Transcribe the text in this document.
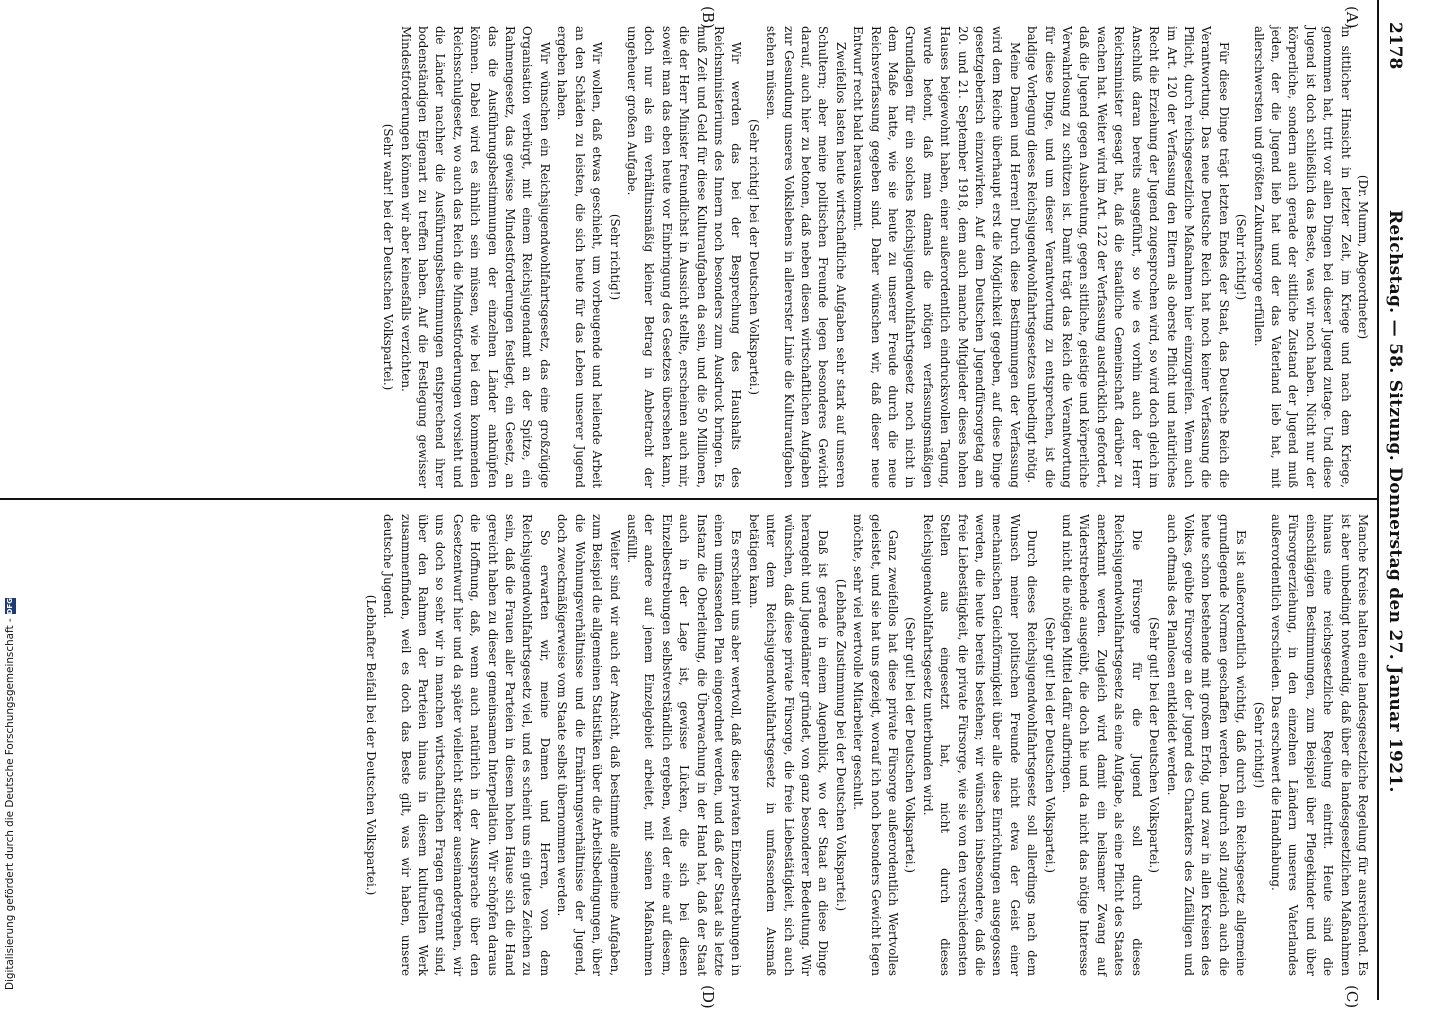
2178
Reichstag. — 58. Sitzung. Donnerstag den 27. Januar 1921.
(A)
(B)
(C)
(D)

(Dr. Mumm, Abgeordneter)

in sittlicher Hinsicht in letzter Zeit, im Kriege und nach dem Kriege, genommen hat, tritt vor allen Dingen bei dieser Jugend zutage. Und diese Jugend ist doch schließlich das Beste, was wir noch haben. Nicht nur der körperliche, sondern auch gerade der sittliche Zustand der Jugend muß jeden, der die Jugend lieb hat und der das Vaterland lieb hat, mit allerschwersten und größten Zukunftssorge erfüllen.

(Sehr richtig!)

Für diese Dinge trägt letzten Endes der Staat, das Deutsche Reich die Verantwortung. Das neue Deutsche Reich hat noch keiner Verfassung die Pflicht, durch reichsgesetzliche Maßnahmen hier einzugreifen. Wenn auch im Art. 120 der Verfassung den Eltern als oberste Pflicht und natürliches Recht die Erziehung der Jugend zugesprochen wird, so wird doch gleich im Anschluß daran bereits ausgeführt, so wie es vorhin auch der Herr Reichsminister gesagt hat, daß die staatliche Gemeinschaft darüber zu wachen hat. Weiter wird im Art. 122 der Verfassung ausdrücklich gefordert, daß die Jugend gegen Ausbeutung, gegen sittliche, geistige und körperliche Verwahrlosung zu schützen ist. Damit trägt das Reich die Verantwortung für diese Dinge, und um dieser Verantwortung zu entsprechen, ist die baldige Vorlegung dieses Reichsjugendwohlfahrtsgesetzes unbedingt nötig.

Meine Damen und Herren! Durch diese Bestimmungen der Verfassung wird dem Reiche überhaupt erst die Möglichkeit gegeben, auf diese Dinge gesetzgeberisch einzuwirken. Auf dem Deutschen Jugendfürsorgetag am 20. und 21. September 1918, dem auch manche Mitglieder dieses hohen Hauses beigewohnt haben, einer außerordentlich eindrucksvollen Tagung, wurde betont, daß man damals die nötigen verfassungsmäßigen Grundlagen für ein solches Reichsjugendwohlfahrtsgesetz noch nicht in dem Maße hatte, wie sie heute zu unserer Freude durch die neue Reichsverfassung gegeben sind. Daher wünschen wir, daß dieser neue Entwurf recht bald herauskommt.

Zweifellos lasten heute wirtschaftliche Aufgaben sehr stark auf unseren Schultern; aber meine politischen Freunde legen besonderes Gewicht darauf, auch hier zu betonen, daß neben diesen wirtschaftlichen Aufgaben zur Gesundung unseres Volkslebens in allererster Linie die Kulturaufgaben stehen müssen.

(Sehr richtig! bei der Deutschen Volkspartei.)

Wir werden das bei der Besprechung des Haushalts des Reichsministeriums des Innern noch besonders zum Ausdruck bringen. Es muß Zeit und Geld für diese Kulturaufgaben da sein, und die 50 Millionen, die der Herr Minister freundlichst in Aussicht stellte, erscheinen auch mir, soweit man das eben heute vor Einbringung des Gesetzes übersehen kann, doch nur als ein verhältnismäßig kleiner Betrag in Anbetracht der ungeheuer großen Aufgabe.

(Sehr richtig!)

Wir wollen, daß etwas geschieht, um vorbeugende und heilende Arbeit an den Schäden zu leisten, die sich heute für das Leben unserer Jugend ergeben haben.

Wir wünschen ein Reichsjugendwohlfahrtsgesetz, das eine großzügige Organisation verbürgt, mit einem Reichsjugendamt an der Spitze, ein Rahmengesetz, das gewisse Mindestforderungen festlegt, ein Gesetz, an das die Ausführungsbestimmungen der einzelnen Länder anknüpfen können. Dabei wird es ähnlich sein müssen, wie bei dem kommenden Reichsschulgesetz, wo auch das Reich die Mindestforderungen vorsieht und die Länder nachher die Ausführungsbestimmungen entsprechend ihrer bodenständigen Eigenart zu treffen haben. Auf die Festlegung gewisser Mindestforderungen können wir aber keinesfalls verzichten.

(Sehr wahr! bei der Deutschen Volkspartei.)

Manche Kreise halten eine landesgesetzliche Regelung für ausreichend. Es ist aber unbedingt notwendig, daß über die landesgesetzlichen Maßnahmen hinaus eine reichsgesetzliche Regelung eintritt. Heute sind die einschlägigen Bestimmungen, zum Beispiel über Pflegekinder und über Fürsorgeerziehung, in den einzelnen Ländern unseres Vaterlandes außerordentlich verschieden. Das erschwert die Handhabung.

(Sehr richtig!)

Es ist außerordentlich wichtig, daß durch ein Reichsgesetz allgemeine grundlegende Normen geschaffen werden. Dadurch soll zugleich auch die heute schon bestehende mit großem Erfolg, und zwar in allen Kreisen des Volkes, geübte Fürsorge an der Jugend des Charakters des Zufälligen und auch oftmals des Planlosen entkleidet werden.

(Sehr gut! bei der Deutschen Volkspartei.)

Die Fürsorge für die Jugend soll durch dieses Reichsjugendwohlfahrtsgesetz als eine Aufgabe, als eine Pflicht des Staates anerkannt werden. Zugleich wird damit ein heilsamer Zwang auf Widerstrebende ausgeübt, die doch hie und da nicht das nötige Interesse und nicht die nötigen Mittel dafür aufbringen.

(Sehr gut! bei der Deutschen Volkspartei.)

Durch dieses Reichsjugendwohlfahrtsgesetz soll allerdings nach dem Wunsch meiner politischen Freunde nicht etwa der Geist einer mechanischen Gleichförmigkeit über alle diese Einrichtungen ausgegossen werden, die heute bereits bestehen; wir wünschen insbesondere, daß die freie Liebestätigkeit, die private Fürsorge, wie sie von den verschiedensten Stellen aus eingesetzt hat, nicht durch dieses Reichsjugendwohlfahrtsgesetz unterbunden wird.

(Sehr gut! bei der Deutschen Volkspartei.)

Ganz zweifellos hat diese private Fürsorge außerordentlich Wertvolles geleistet, und sie hat uns gezeigt, worauf ich noch besonders Gewicht legen möchte, sehr viel wertvolle Mitarbeiter geschult.

(Lebhafte Zustimmung bei der Deutschen Volkspartei.)

Daß ist gerade in einem Augenblick, wo der Staat an diese Dinge herangeht und Jugendämter gründet, von ganz besonderer Bedeutung. Wir wünschen, daß diese private Fürsorge, die freie Liebestätigkeit, sich auch unter dem Reichsjugendwohlfahrtsgesetz in umfassendem Ausmaß betätigen kann.

Es erscheint uns aber wertvoll, daß diese privaten Einzelbestrebungen in einen umfassenden Plan eingeordnet werden, und daß der Staat als letzte Instanz die Oberleitung, die Überwachung in der Hand hat, daß der Staat auch in der Lage ist, gewisse Lücken, die sich bei diesen Einzelbestrebungen selbstverständlich ergeben, weil der eine auf diesem, der andere auf jenem Einzelgebiet arbeitet, mit seinen Maßnahmen ausfüllt.

Weiter sind wir auch der Ansicht, daß bestimmte allgemeine Aufgaben, zum Beispiel die allgemeinen Statistiken über die Arbeitsbedingungen, über die Wohnungsverhältnisse und die Ernährungsverhältnisse der Jugend, doch zweckmäßigerweise vom Staate selbst übernommen werden.

So erwarten wir, meine Damen und Herren, von dem Reichsjugendwohlfahrtsgesetz viel, und es scheint uns ein gutes Zeichen zu sein, daß die Frauen aller Parteien in diesem hohen Hause sich die Hand gereicht haben zu dieser gemeinsamen Interpellation. Wir schöpfen daraus die Hoffnung, daß, wenn auch natürlich in der Aussprache über den Gesetzentwurf hier und da später vielleicht stärker auseinandergehen, wir uns doch so sehr wir in manchen wirtschaftlichen Fragen getrennt sind, über den Rahmen der Parteien hinaus in diesem kulturellen Werk zusammenfinden, weil es doch das Beste gilt, was wir haben, unsere deutsche Jugend.

(Lebhafter Beifall bei der Deutschen Volkspartei.)

Digitalisierung gefördert durch die Deutsche Forschungsgemeinschaft -
DFG
